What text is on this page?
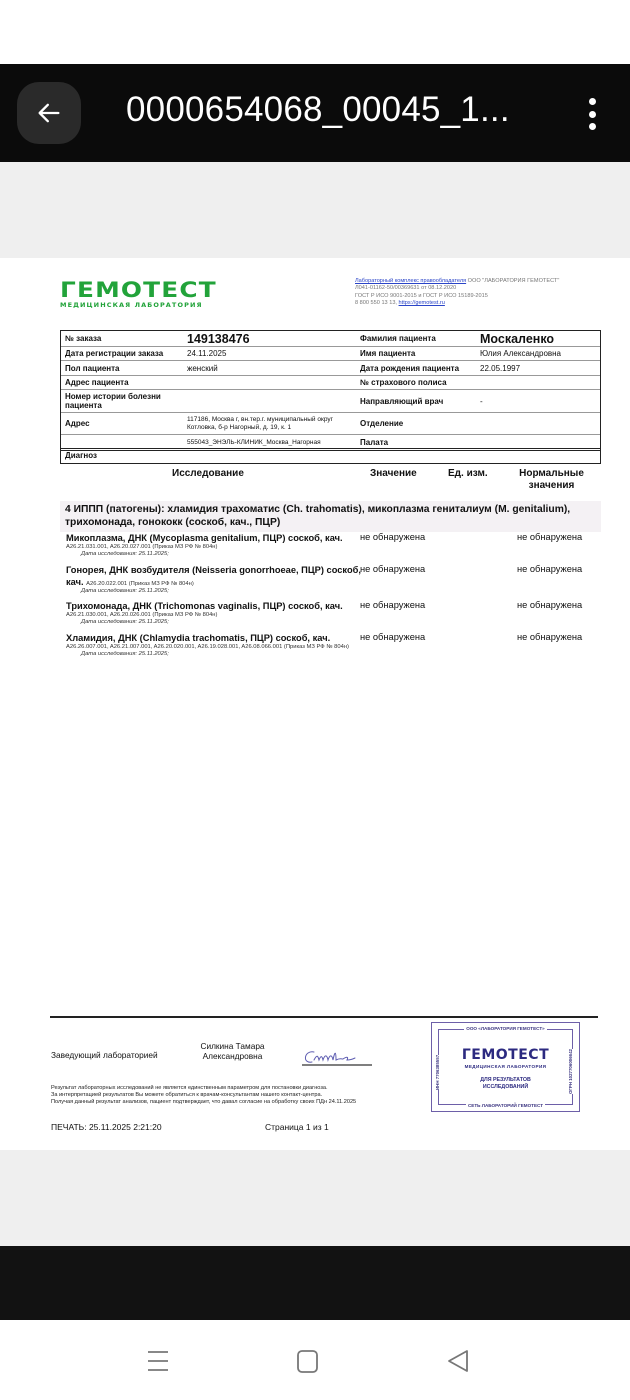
0000654068_00045_1...
ГЕМОТЕСТ
МЕДИЦИНСКАЯ ЛАБОРАТОРИЯ
Лабораторный комплекс правообладателя ООО "ЛАБОРАТОРИЯ ГЕМОТЕСТ"
Л041-01162-50/00369631 от 08.12.2020
ГОСТ Р ИСО 9001-2015 и ГОСТ Р ИСО 15189-2015
8 800 550 13 13, https://gemotest.ru
№ заказа	149138476	Фамилия пациента	Москаленко
Дата регистрации заказа	24.11.2025	Имя пациента	Юлия Александровна
Пол пациента	женский	Дата рождения пациента	22.05.1997
Адрес пациента	№ страхового полиса
Номер истории болезни пациента	Направляющий врач	-
Адрес	117186, Москва г, вн.тер.г. муниципальный округ Котловка, б-р Нагорный, д. 19, к. 1	Отделение
555043_ЭНЭЛЬ-КЛИНИК_Москва_Нагорная	Палата
Диагноз
Исследование	Значение	Ед. изм.	Нормальные значения
4 ИППП (патогены): хламидия трахоматис (Ch. trahomatis), микоплазма гениталиум (M. genitalium), трихомонада, гонококк (соскоб, кач., ПЦР)
Микоплазма, ДНК (Mycoplasma genitalium, ПЦР) соскоб, кач.
A26.21.031.001, A26.20.027.001 (Приказ МЗ РФ № 804н)
Дата исследования: 25.11.2025;
не обнаружена	не обнаружена
Гонорея, ДНК возбудителя (Neisseria gonorrhoeae, ПЦР) соскоб, кач. A26.20.022.001 (Приказ МЗ РФ № 804н)
Дата исследования: 25.11.2025;
не обнаружена	не обнаружена
Трихомонада, ДНК (Trichomonas vaginalis, ПЦР) соскоб, кач.
A26.21.030.001, A26.20.026.001 (Приказ МЗ РФ № 804н)
Дата исследования: 25.11.2025;
не обнаружена	не обнаружена
Хламидия, ДНК (Chlamydia trachomatis, ПЦР) соскоб, кач.
A26.26.007.001, A26.21.007.001, A26.20.020.001, A26.19.028.001, A26.08.066.001 (Приказ МЗ РФ № 804н)
Дата исследования: 25.11.2025;
не обнаружена	не обнаружена
Заведующий лабораторией
Силкина Тамара Александровна
Результат лабораторных исследований не является единственным параметром для постановки диагноза.
За интерпретацией результатов Вы можете обратиться к врачам-консультантам нашего контакт-центра.
Получая данный результат анализов, пациент подтверждает, что давал согласие на обработку своих ПДн 24.11.2025
ПЕЧАТЬ: 25.11.2025 2:21:20	Страница 1 из 1
ООО «ЛАБОРАТОРИЯ ГЕМОТЕСТ»
ГЕМОТЕСТ
МЕДИЦИНСКАЯ ЛАБОРАТОРИЯ
ДЛЯ РЕЗУЛЬТАТОВ
ИССЛЕДОВАНИЙ
СЕТЬ ЛАБОРАТОРИЙ ГЕМОТЕСТ
ИНН 7706385557	ОГРН 1027706006642
